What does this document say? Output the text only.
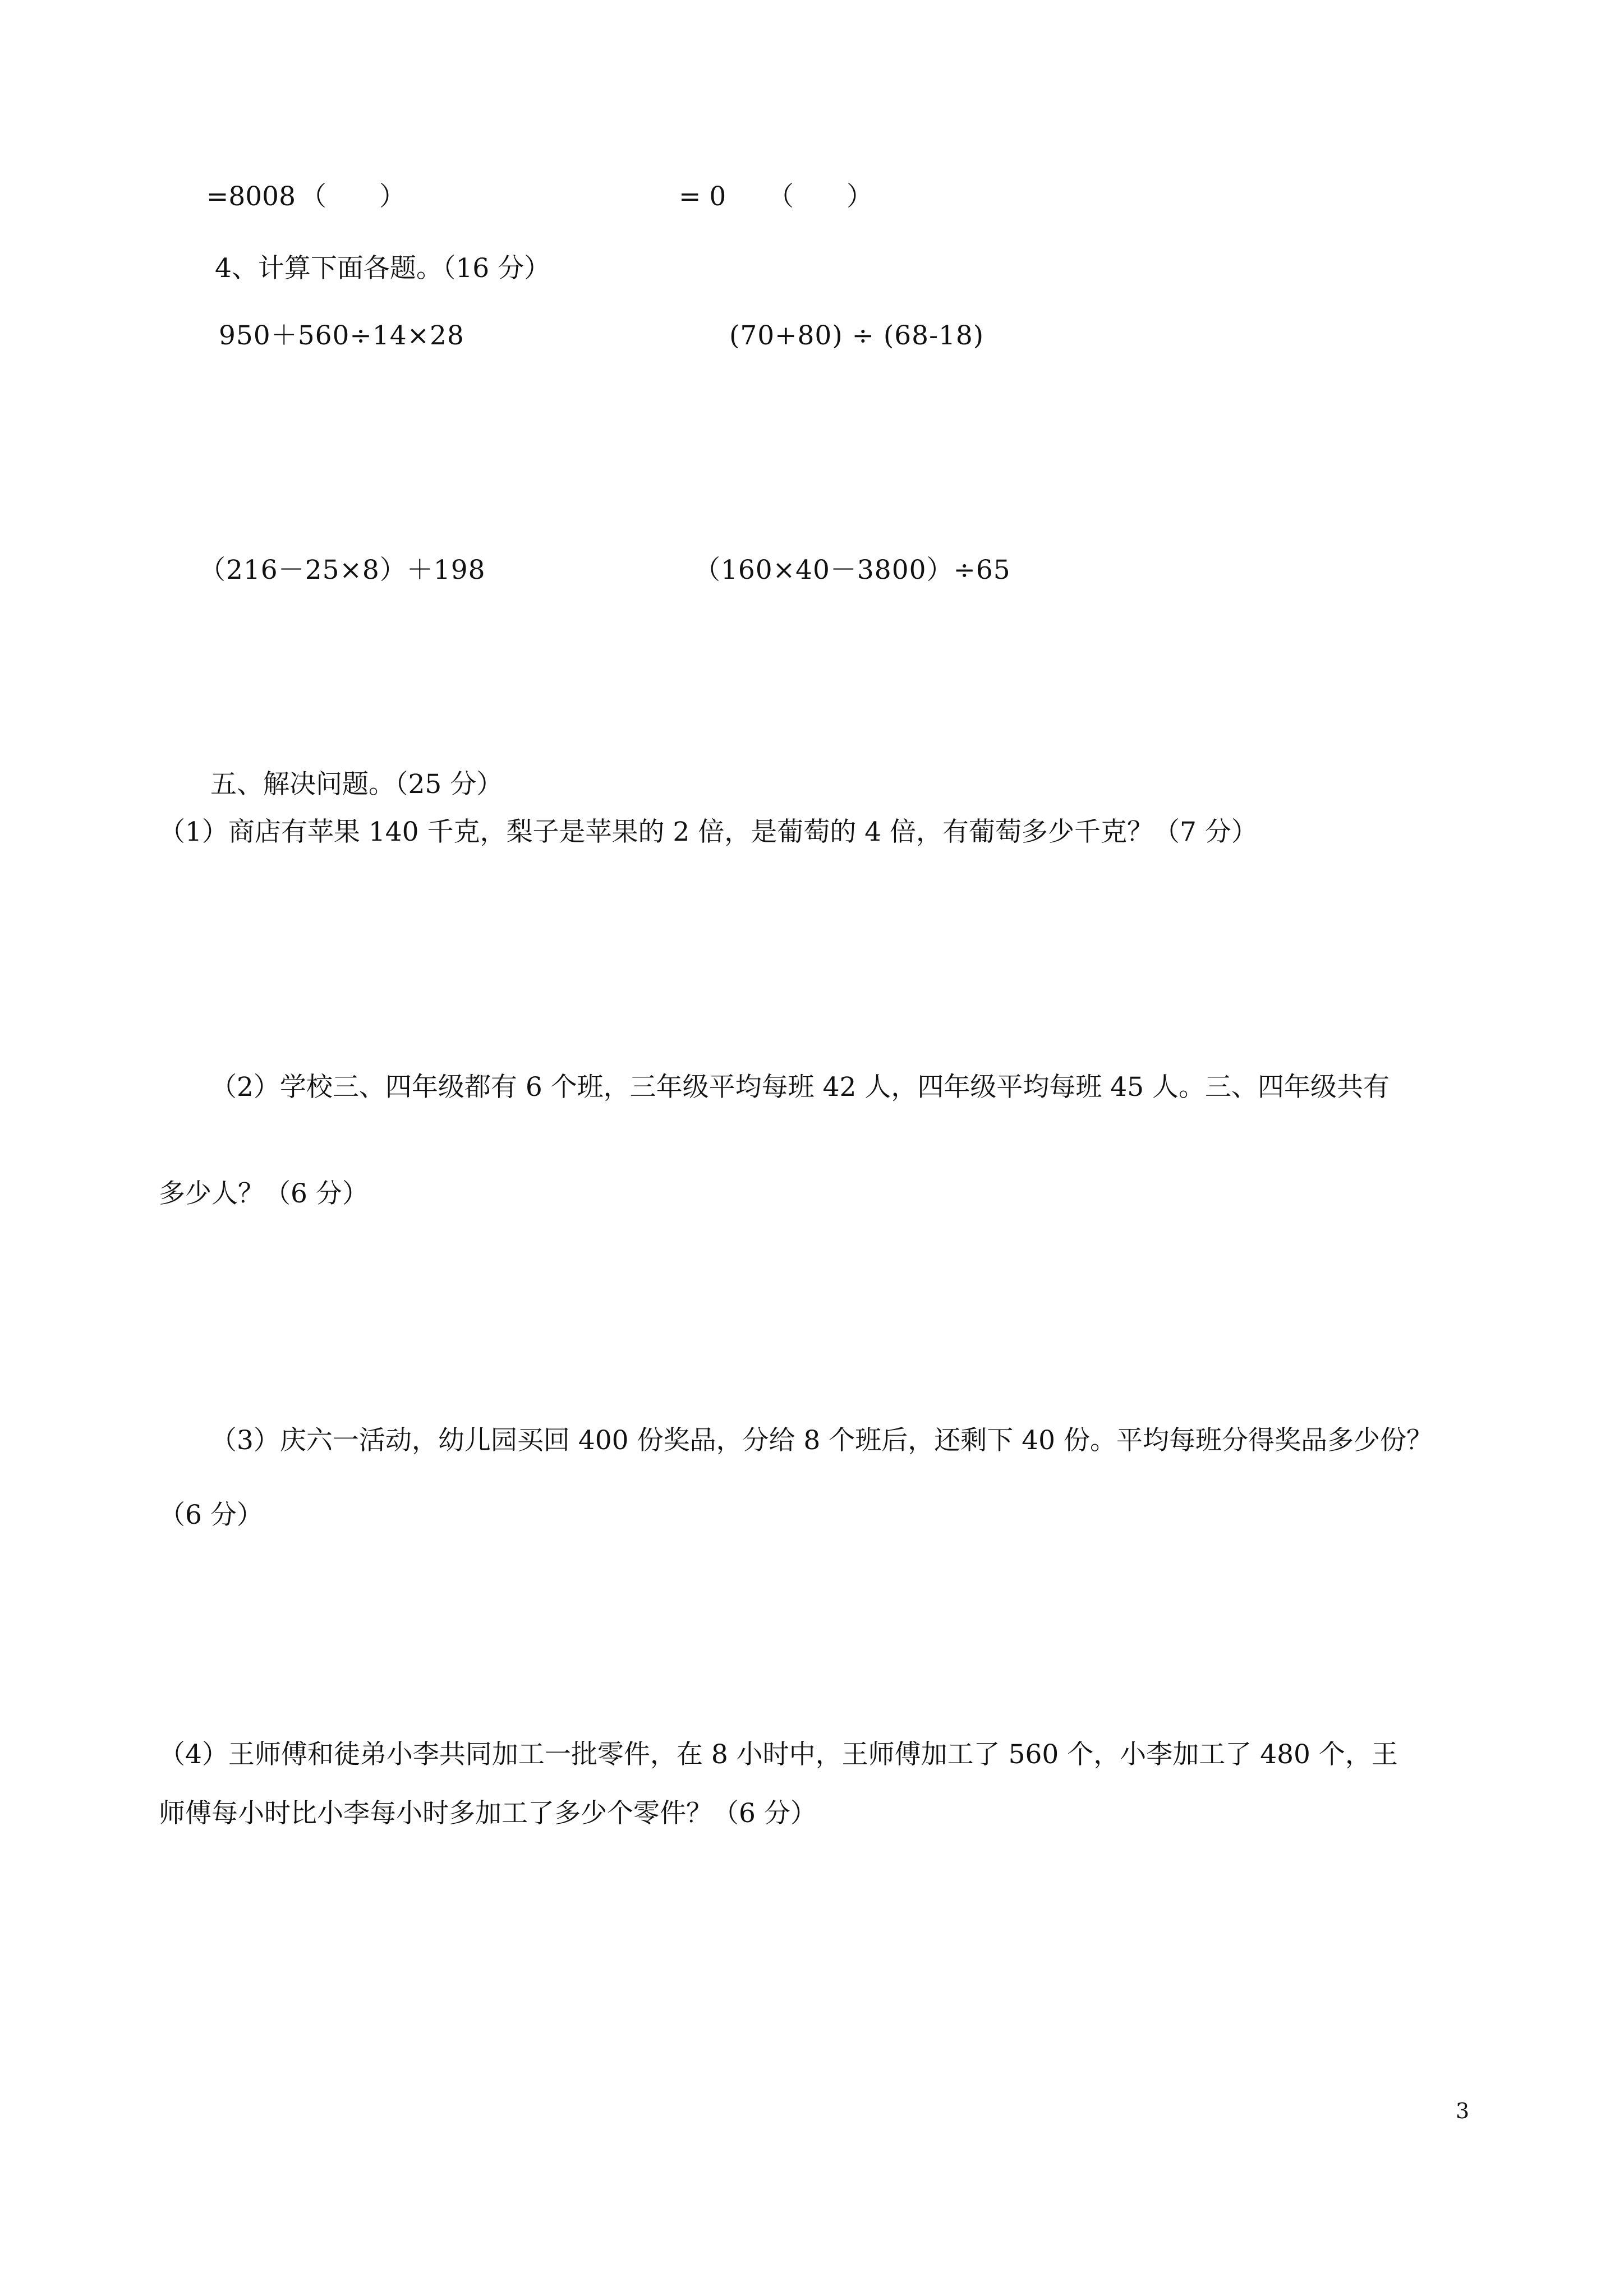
=8008 （　　）	= 0 （　　）
4、计算下面各题。（16 分）
950＋560÷14×28	(70+80) ÷ (68-18)
（216－25×8）＋198	（160×40－3800）÷65
五、解决问题。（25 分）
（1）商店有苹果 140 千克，梨子是苹果的 2 倍，是葡萄的 4 倍，有葡萄多少千克？（7 分）
（2）学校三、四年级都有 6 个班，三年级平均每班 42 人，四年级平均每班 45 人。三、四年级共有
多少人？（6 分）
（3）庆六一活动，幼儿园买回 400 份奖品，分给 8 个班后，还剩下 40 份。平均每班分得奖品多少份？
（6 分）
（4）王师傅和徒弟小李共同加工一批零件，在 8 小时中，王师傅加工了 560 个，小李加工了 480 个，王
师傅每小时比小李每小时多加工了多少个零件？（6 分）
3
